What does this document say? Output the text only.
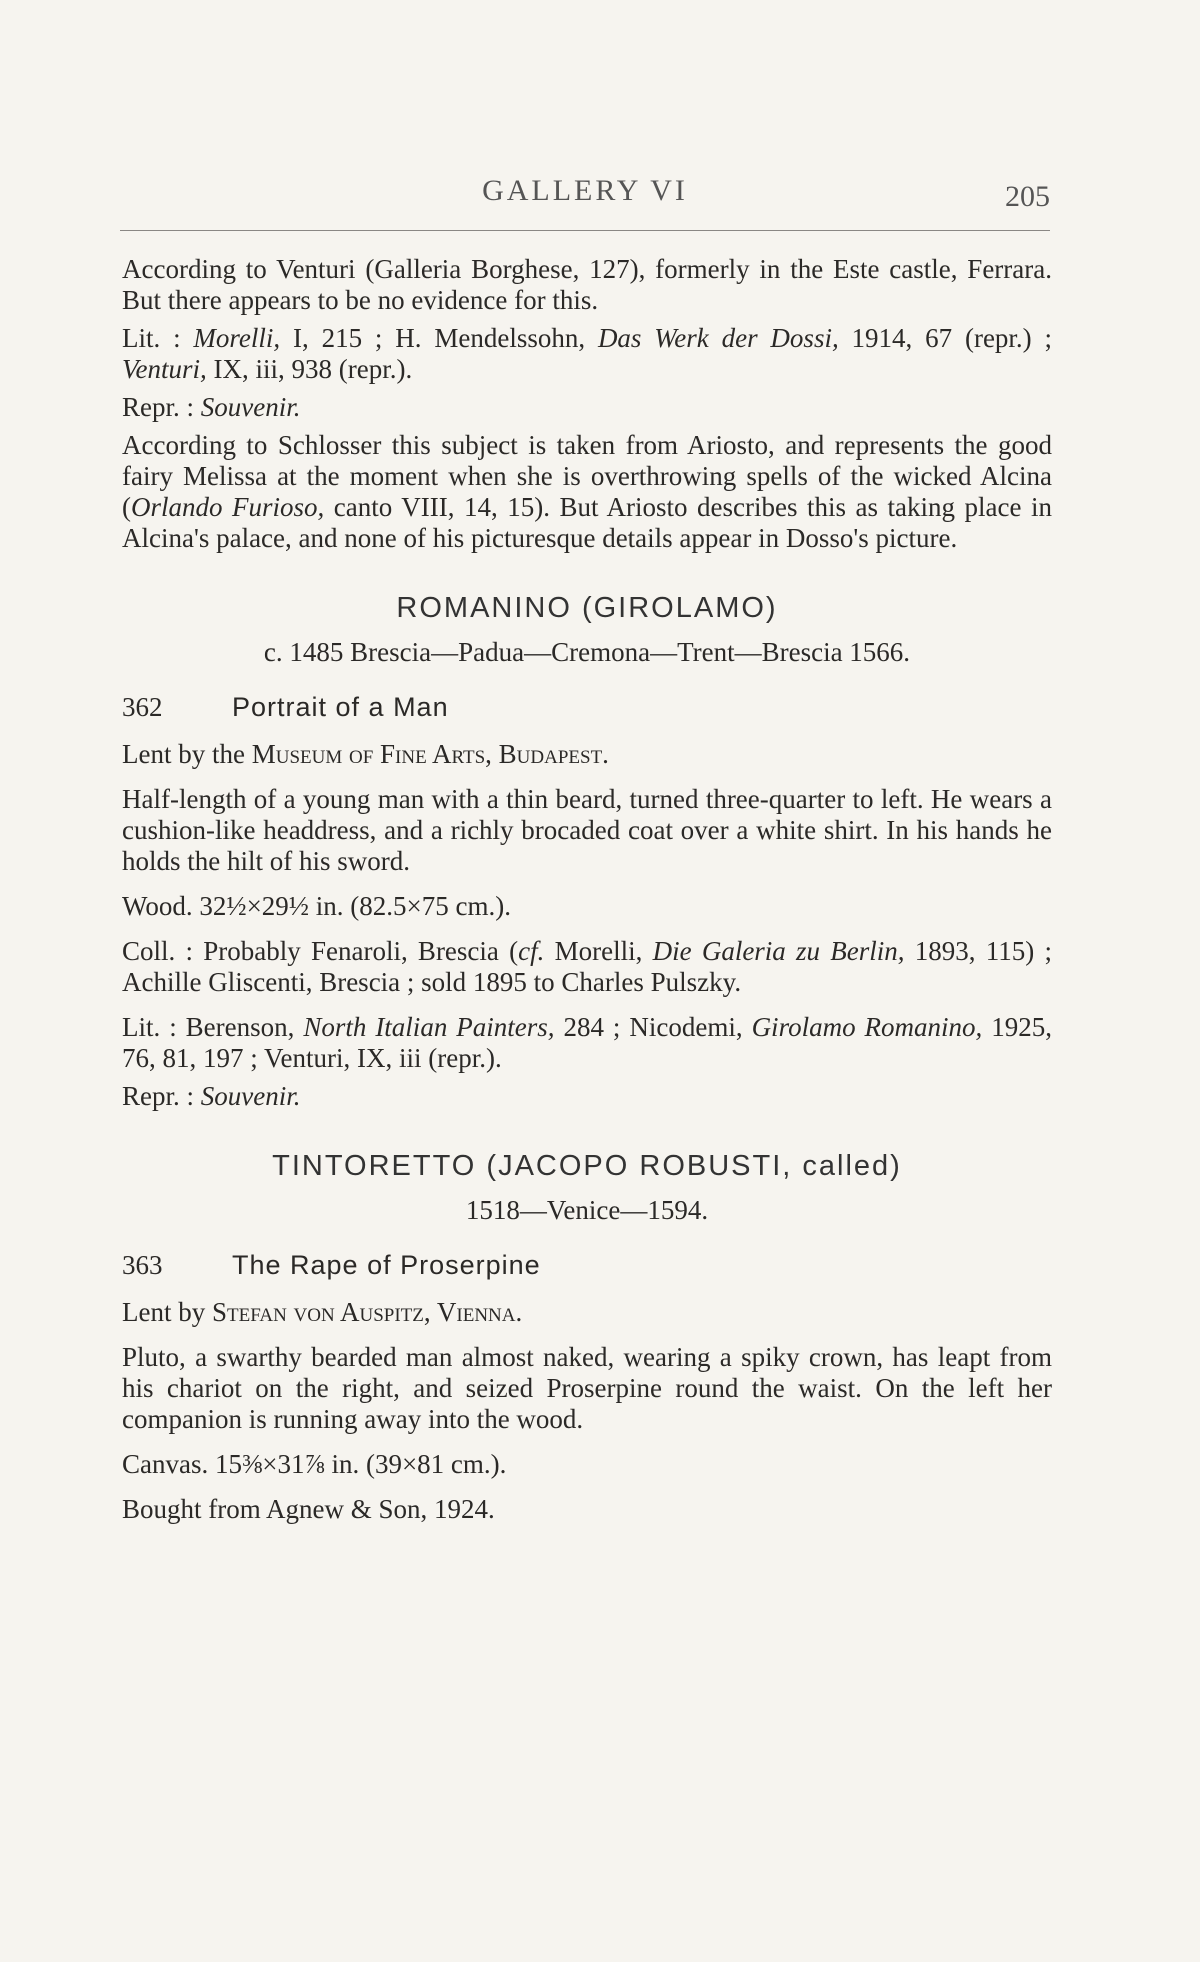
GALLERY VI	205

According to Venturi (Galleria Borghese, 127), formerly in the Este castle, Ferrara. But there appears to be no evidence for this.

Lit. : Morelli, I, 215 ; H. Mendelssohn, Das Werk der Dossi, 1914, 67 (repr.) ; Venturi, IX, iii, 938 (repr.).

Repr. : Souvenir.

According to Schlosser this subject is taken from Ariosto, and represents the good fairy Melissa at the moment when she is overthrowing spells of the wicked Alcina (Orlando Furioso, canto VIII, 14, 15). But Ariosto describes this as taking place in Alcina's palace, and none of his picturesque details appear in Dosso's picture.

ROMANINO (GIROLAMO)
c. 1485 Brescia—Padua—Cremona—Trent—Brescia 1566.
362	Portrait of a Man

Lent by the Museum of Fine Arts, Budapest.

Half-length of a young man with a thin beard, turned three-quarter to left. He wears a cushion-like headdress, and a richly brocaded coat over a white shirt. In his hands he holds the hilt of his sword.

Wood. 32½×29½ in. (82.5×75 cm.).

Coll. : Probably Fenaroli, Brescia (cf. Morelli, Die Galeria zu Berlin, 1893, 115) ; Achille Gliscenti, Brescia ; sold 1895 to Charles Pulszky.

Lit. : Berenson, North Italian Painters, 284 ; Nicodemi, Girolamo Romanino, 1925, 76, 81, 197 ; Venturi, IX, iii (repr.).

Repr. : Souvenir.

TINTORETTO (JACOPO ROBUSTI, called)
1518—Venice—1594.
363	The Rape of Proserpine

Lent by Stefan von Auspitz, Vienna.

Pluto, a swarthy bearded man almost naked, wearing a spiky crown, has leapt from his chariot on the right, and seized Proserpine round the waist. On the left her companion is running away into the wood.

Canvas. 15⅜×31⅞ in. (39×81 cm.).

Bought from Agnew & Son, 1924.
